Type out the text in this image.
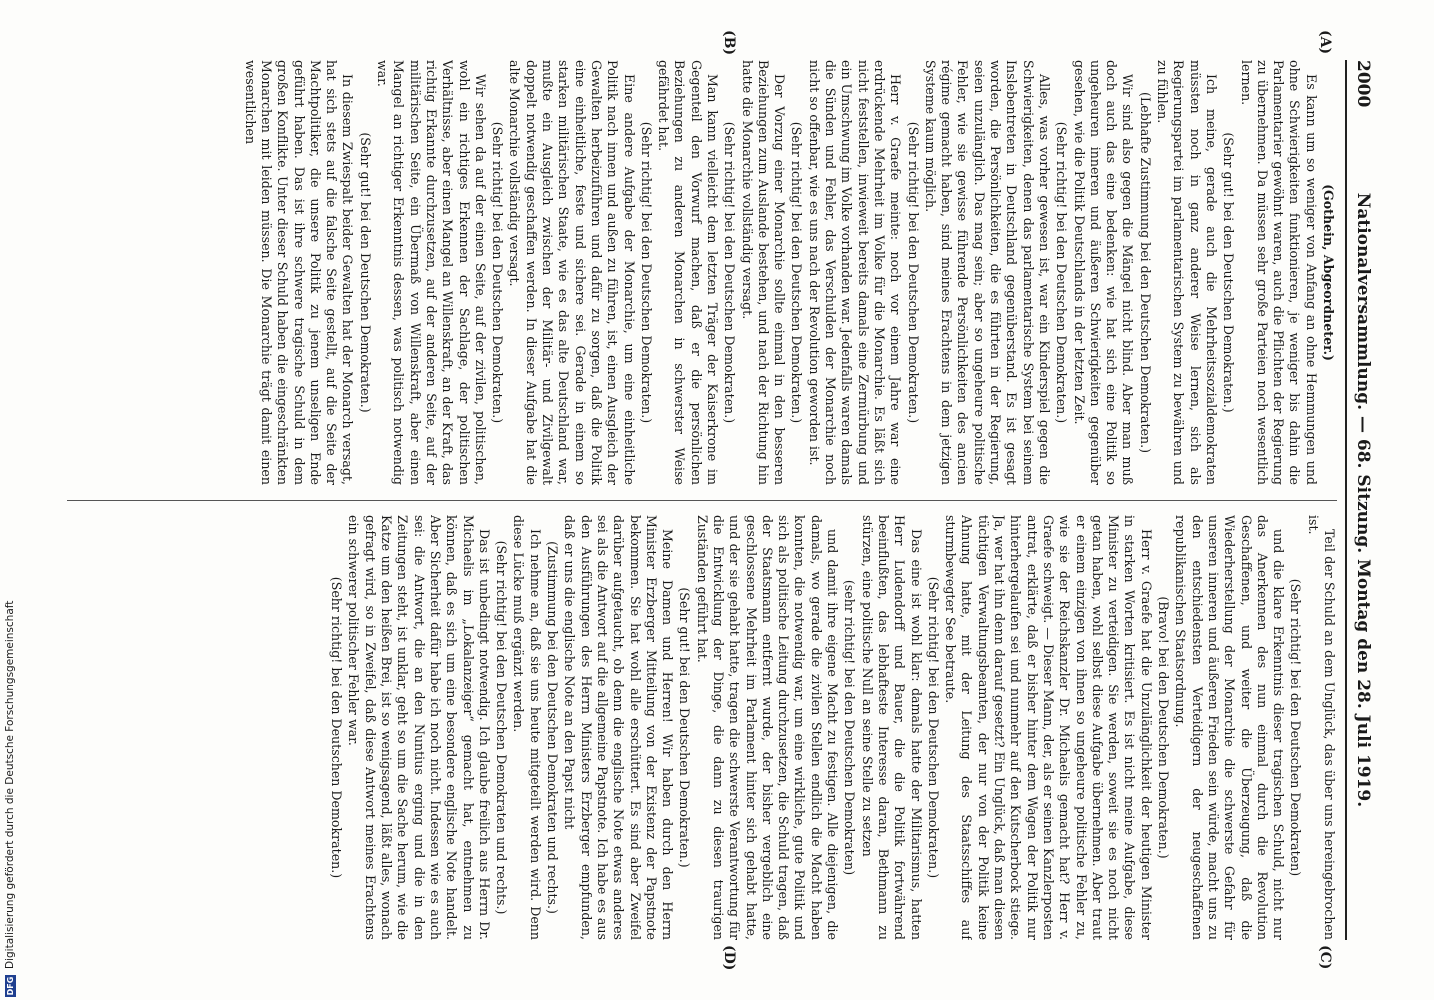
2000
Nationalversammlung. — 68. Sitzung. Montag den 28. Juli 1919.

(Gothein, Abgeordneter.)

Es kann um so weniger von Anfang an ohne Hemmungen und ohne Schwierigkeiten funktionieren, je weniger bis dahin die Parlamentarier gewöhnt waren, auch die Pflichten der Regierung zu übernehmen. Da müssen sehr große Parteien noch wesentlich lernen.

(Sehr gut! bei den Deutschen Demokraten.)

Ich meine, gerade auch die Mehrheitssozialdemokraten müssten noch in ganz anderer Weise lernen, sich als Regierungspartei im parlamentarischen System zu bewähren und zu fühlen.

(Lebhafte Zustimmung bei den Deutschen Demokraten.)

Wir sind also gegen die Mängel nicht blind. Aber man muß doch auch das eine bedenken: wie hat sich eine Politik so ungeheuren inneren und äußeren Schwierigkeiten gegenüber gesehen, wie die Politik Deutschlands in der letzten Zeit.

(Sehr richtig! bei den Deutschen Demokraten.)

Alles, was vorher gewesen ist, war ein Kinderspiel gegen die Schwierigkeiten, denen das parlamentarische System bei seinem Inslebentreten in Deutschland gegenüberstand. Es ist gesagt worden, die Persönlichkeiten, die es führten in der Regierung, seien unzulänglich. Das mag sein; aber so ungeheure politische Fehler, wie sie gewisse führende Persönlichkeiten des ancien régime gemacht haben, sind meines Erachtens in dem jetzigen Systeme kaum möglich.

(Sehr richtig! bei den Deutschen Demokraten.)

Herr v. Graefe meinte: noch vor einem Jahre war eine erdrückende Mehrheit im Volke für die Monarchie. Es läßt sich nicht feststellen, inwieweit bereits damals eine Zermürbung und ein Umschwung im Volke vorhanden war. Jedenfalls waren damals die Sünden und Fehler, das Verschulden der Monarchie noch nicht so offenbar, wie es uns nach der Revolution geworden ist.

(Sehr richtig! bei den Deutschen Demokraten.)

Der Vorzug einer Monarchie sollte einmal in den besseren Beziehungen zum Auslande bestehen, und nach der Richtung hin hatte die Monarchie vollständig versagt.

(Sehr richtig! bei den Deutschen Demokraten.)

Man kann vielleicht dem letzten Träger der Kaiserkrone im Gegenteil den Vorwurf machen, daß er die persönlichen Beziehungen zu anderen Monarchen in schwerster Weise gefährdet hat.

(Sehr richtig! bei den Deutschen Demokraten.)

Eine andere Aufgabe der Monarchie, um eine einheitliche Politik nach innen und außen zu führen, ist, einen Ausgleich der Gewalten herbeizuführen und dafür zu sorgen, daß die Politik eine einheitliche, feste und sichere sei. Gerade in einem so starken militärischen Staate, wie es das alte Deutschland war, mußte ein Ausgleich zwischen der Militär- und Zivilgewalt doppelt notwendig geschaffen werden. In dieser Aufgabe hat die alte Monarchie vollständig versagt.

(Sehr richtig! bei den Deutschen Demokraten.)

Wir sehen da auf der einen Seite, auf der zivilen, politischen, wohl ein richtiges Erkennen der Sachlage, der politischen Verhältnisse, aber einen Mangel an Willenskraft, an der Kraft, das richtig Erkannte durchzusetzen, auf der anderen Seite, auf der militärischen Seite, ein Übermaß von Willenskraft, aber einen Mangel an richtiger Erkenntnis dessen, was politisch notwendig war.

(Sehr gut! bei den Deutschen Demokraten.)

In diesem Zwiespalt beider Gewalten hat der Monarch versagt, hat sich stets auf die falsche Seite gestellt, auf die Seite der Machtpolitiker, die unsere Politik zu jenem unseligen Ende geführt haben. Das ist ihre schwere tragische Schuld in dem großen Konflikte. Unter dieser Schuld haben die eingeschränkten Monarchen mit leiden müssen. Die Monarchie trägt damit einen wesentlichen

Teil der Schuld an dem Unglück, das über uns hereingebrochen ist.

(Sehr richtig! bei den Deutschen Demokraten)

und die klare Erkenntnis dieser tragischen Schuld, nicht nur das Anerkennen des nun einmal durch die Revolution Geschaffenen, und weiter die Überzeugung, daß die Wiederherstellung der Monarchie die schwerste Gefahr für unseren inneren und äußeren Frieden sein würde, macht uns zu den entschiedensten Verteidigern der neugeschaffenen republikanischen Staatsordnung.

(Bravo! bei den Deutschen Demokraten.)

Herr v. Graefe hat die Unzulänglichkeit der heutigen Minister in starken Worten kritisiert. Es ist nicht meine Aufgabe, diese Minister zu verteidigen. Sie werden, soweit sie es noch nicht getan haben, wohl selbst diese Aufgabe übernehmen. Aber traut er einem einzigen von ihnen so ungeheure politische Fehler zu, wie sie der Reichskanzler Dr. Michaelis gemacht hat? Herr v. Graefe schweigt. — Dieser Mann, der, als er seinen Kanzlerposten antrat, erklärte, daß er bisher hinter dem Wagen der Politik nur hinterhergelaufen sei und nunmehr auf den Kutscherbock stiege. Ja, wer hat ihn denn darauf gesetzt? Ein Unglück, daß man diesen tüchtigen Verwaltungsbeamten, der nur von der Politik keine Ahnung hatte, mit der Leitung des Staatsschiffes auf sturmbewegter See betraute.

(Sehr richtig! bei den Deutschen Demokraten.)

Das eine ist wohl klar: damals hatte der Militarismus, hatten Herr Ludendorff und Bauer, die die Politik fortwährend beeinflußten, das lebhafteste Interesse daran, Bethmann zu stürzen, eine politische Null an seine Stelle zu setzen

(sehr richtig! bei den Deutschen Demokraten)

und damit ihre eigene Macht zu festigen. Alle diejenigen, die damals, wo gerade die zivilen Stellen endlich die Macht haben konnten, die notwendig war, um eine wirkliche, gute Politik und sich als politische Leitung durchzusetzen, die Schuld tragen, daß der Staatsmann entfernt wurde, der bisher vergeblich eine geschlossene Mehrheit im Parlament hinter sich gehabt hatte, und der sie gehabt hatte, tragen die schwerste Verantwortung für die Entwicklung der Dinge, die dann zu diesen traurigen Zuständen geführt hat.

(Sehr gut! bei den Deutschen Demokraten.)

Meine Damen und Herren! Wir haben durch den Herrn Minister Erzberger Mitteilung von der Existenz der Papstnote bekommen. Sie hat wohl alle erschüttert. Es sind aber Zweifel darüber aufgetaucht, ob denn die englische Note etwas anderes sei als die Antwort auf die allgemeine Papstnote. Ich habe es aus den Ausführungen des Herrn Ministers Erzberger empfunden, daß er uns die englische Note an den Papst nicht

(Zustimmung bei den Deutschen Demokraten und rechts.)

Ich nehme an, daß sie uns heute mitgeteilt werden wird. Denn diese Lücke muß ergänzt werden.

(Sehr richtig! bei den Deutschen Demokraten und rechts.)

Das ist unbedingt notwendig. Ich glaube freilich aus Herrn Dr. Michaelis im „Lokalanzeiger“ gemacht hat, entnehmen zu können, daß es sich um eine besondere englische Note handelt. Aber Sicherheit dafür habe ich noch nicht. Indessen wie es auch sei: die Antwort, die an den Nuntius erging und die in den Zeitungen steht, ist unklar, geht so um die Sache herum, wie die Katze um den heißen Brei, ist so wenigsagend, läßt alles, wonach gefragt wird, so in Zweifel, daß diese Antwort meines Erachtens ein schwerer politischer Fehler war.

(Sehr richtig! bei den Deutschen Demokraten.)

(A)
(B)
(C)
(D)
DFG
Digitalisierung gefördert durch die Deutsche Forschungsgemeinschaft
